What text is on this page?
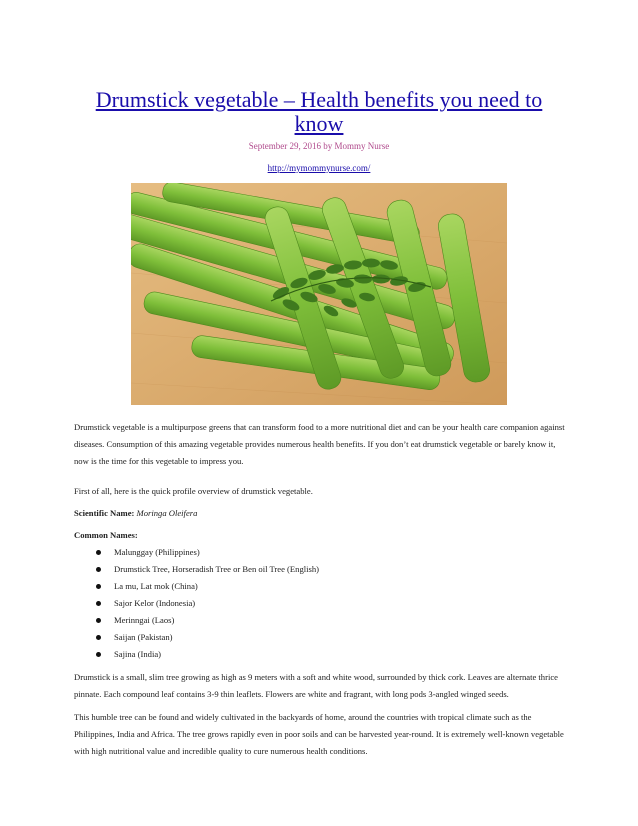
Drumstick vegetable – Health benefits you need to know
September 29, 2016 by Mommy Nurse
http://mymommynurse.com/

Drumstick vegetable is a multipurpose greens that can transform food to a more nutritional diet and can be your health care companion against diseases. Consumption of this amazing vegetable provides numerous health benefits. If you don’t eat drumstick vegetable or barely know it, now is the time for this vegetable to impress you.

First of all, here is the quick profile overview of drumstick vegetable.

Scientific Name: Moringa Oleifera

Common Names:

Malunggay (Philippines)
Drumstick Tree, Horseradish Tree or Ben oil Tree (English)
La mu, Lat mok (China)
Sajor Kelor (Indonesia)
Merinngai (Laos)
Saijan (Pakistan)
Sajina (India)

Drumstick is a small, slim tree growing as high as 9 meters with a soft and white wood, surrounded by thick cork. Leaves are alternate thrice pinnate. Each compound leaf contains 3-9 thin leaflets. Flowers are white and fragrant, with long pods 3-angled winged seeds.

This humble tree can be found and widely cultivated in the backyards of home, around the countries with tropical climate such as the Philippines, India and Africa. The tree grows rapidly even in poor soils and can be harvested year-round. It is extremely well-known vegetable with high nutritional value and incredible quality to cure numerous health conditions.
